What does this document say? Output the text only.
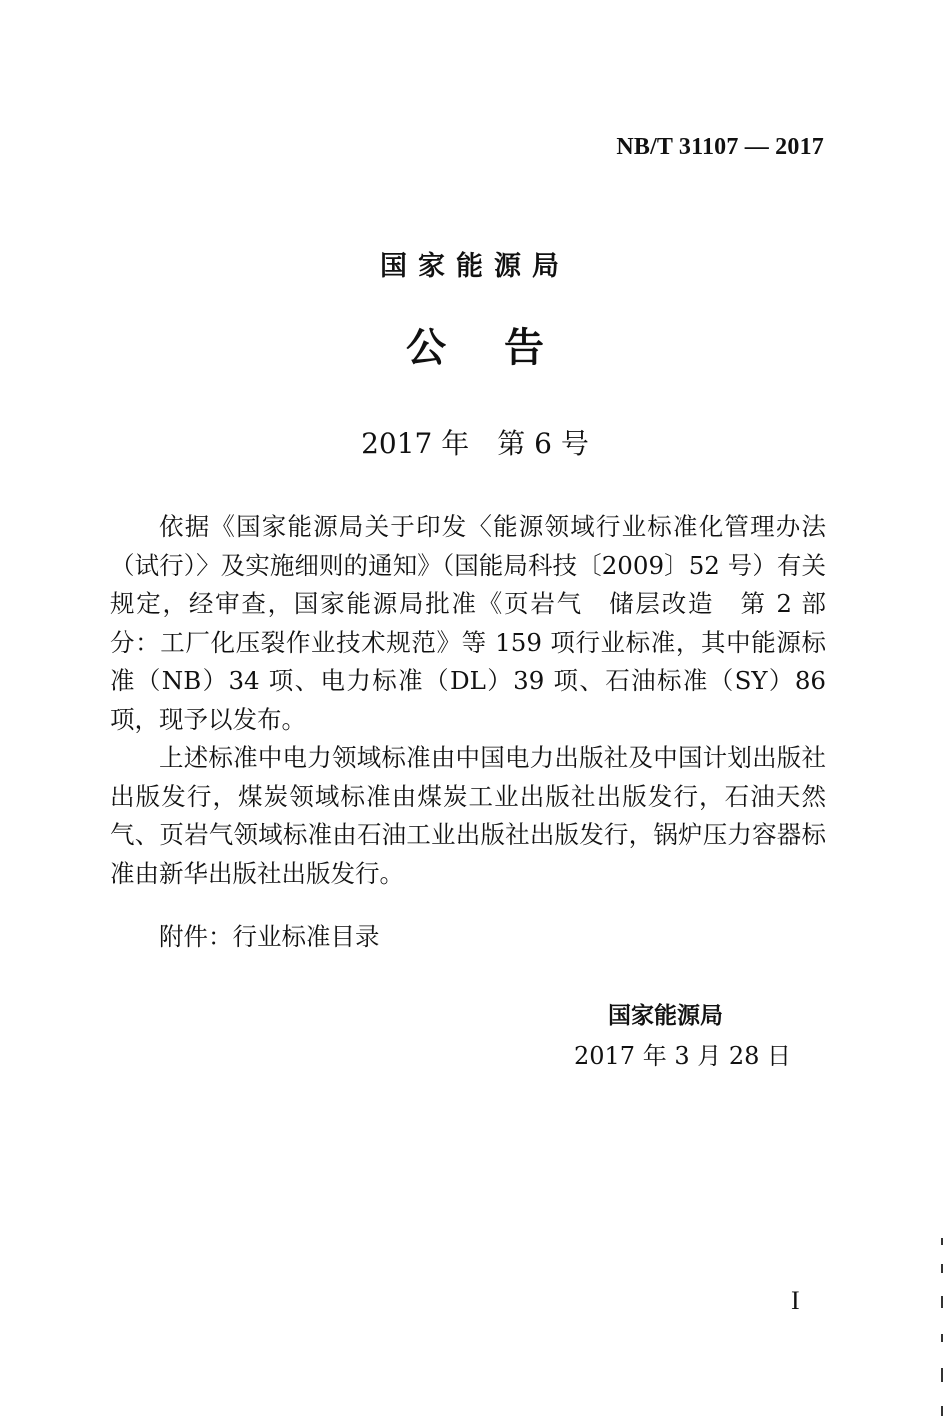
NB/T 31107 — 2017
国家能源局
公告
2017 年　第 6 号

依据《国家能源局关于印发〈能源领域行业标准化管理办法（试行）〉及实施细则的通知》（国能局科技〔2009〕52 号）有关规定，经审查，国家能源局批准《页岩气　储层改造　第 2 部分：工厂化压裂作业技术规范》等 159 项行业标准，其中能源标准（NB）34 项、电力标准（DL）39 项、石油标准（SY）86 项，现予以发布。

上述标准中电力领域标准由中国电力出版社及中国计划出版社出版发行，煤炭领域标准由煤炭工业出版社出版发行，石油天然气、页岩气领域标准由石油工业出版社出版发行，锅炉压力容器标准由新华出版社出版发行。

附件：行业标准目录
国家能源局
2017 年 3 月 28 日
I
